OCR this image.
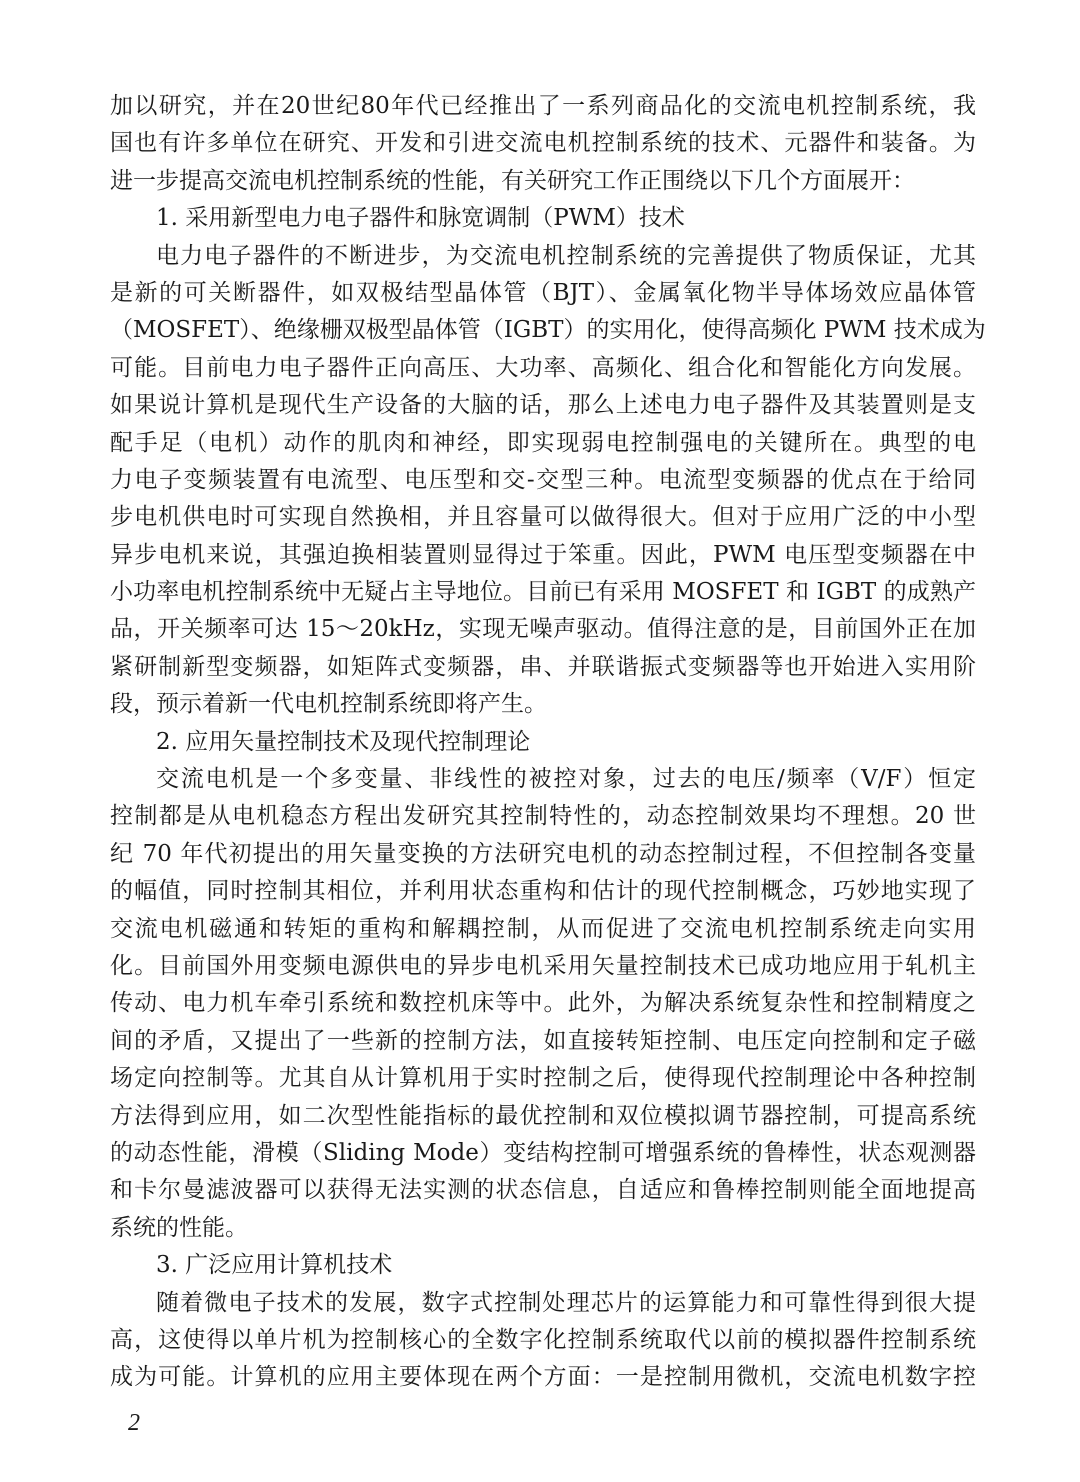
加以研究，并在20世纪80年代已经推出了一系列商品化的交流电机控制系统，我
国也有许多单位在研究、开发和引进交流电机控制系统的技术、元器件和装备。为
进一步提高交流电机控制系统的性能，有关研究工作正围绕以下几个方面展开：
1. 采用新型电力电子器件和脉宽调制（PWM）技术
电力电子器件的不断进步，为交流电机控制系统的完善提供了物质保证，尤其
是新的可关断器件，如双极结型晶体管（BJT）、金属氧化物半导体场效应晶体管
（MOSFET）、绝缘栅双极型晶体管（IGBT）的实用化，使得高频化 PWM 技术成为
可能。目前电力电子器件正向高压、大功率、高频化、组合化和智能化方向发展。
如果说计算机是现代生产设备的大脑的话，那么上述电力电子器件及其装置则是支
配手足（电机）动作的肌肉和神经，即实现弱电控制强电的关键所在。典型的电
力电子变频装置有电流型、电压型和交-交型三种。电流型变频器的优点在于给同
步电机供电时可实现自然换相，并且容量可以做得很大。但对于应用广泛的中小型
异步电机来说，其强迫换相装置则显得过于笨重。因此，PWM 电压型变频器在中
小功率电机控制系统中无疑占主导地位。目前已有采用 MOSFET 和 IGBT 的成熟产
品，开关频率可达 15～20kHz，实现无噪声驱动。值得注意的是，目前国外正在加
紧研制新型变频器，如矩阵式变频器，串、并联谐振式变频器等也开始进入实用阶
段，预示着新一代电机控制系统即将产生。
2. 应用矢量控制技术及现代控制理论
交流电机是一个多变量、非线性的被控对象，过去的电压/频率（V/F）恒定
控制都是从电机稳态方程出发研究其控制特性的，动态控制效果均不理想。20 世
纪 70 年代初提出的用矢量变换的方法研究电机的动态控制过程，不但控制各变量
的幅值，同时控制其相位，并利用状态重构和估计的现代控制概念，巧妙地实现了
交流电机磁通和转矩的重构和解耦控制，从而促进了交流电机控制系统走向实用
化。目前国外用变频电源供电的异步电机采用矢量控制技术已成功地应用于轧机主
传动、电力机车牵引系统和数控机床等中。此外，为解决系统复杂性和控制精度之
间的矛盾，又提出了一些新的控制方法，如直接转矩控制、电压定向控制和定子磁
场定向控制等。尤其自从计算机用于实时控制之后，使得现代控制理论中各种控制
方法得到应用，如二次型性能指标的最优控制和双位模拟调节器控制，可提高系统
的动态性能，滑模（Sliding Mode）变结构控制可增强系统的鲁棒性，状态观测器
和卡尔曼滤波器可以获得无法实测的状态信息，自适应和鲁棒控制则能全面地提高
系统的性能。
3. 广泛应用计算机技术
随着微电子技术的发展，数字式控制处理芯片的运算能力和可靠性得到很大提
高，这使得以单片机为控制核心的全数字化控制系统取代以前的模拟器件控制系统
成为可能。计算机的应用主要体现在两个方面：一是控制用微机，交流电机数字控
2
